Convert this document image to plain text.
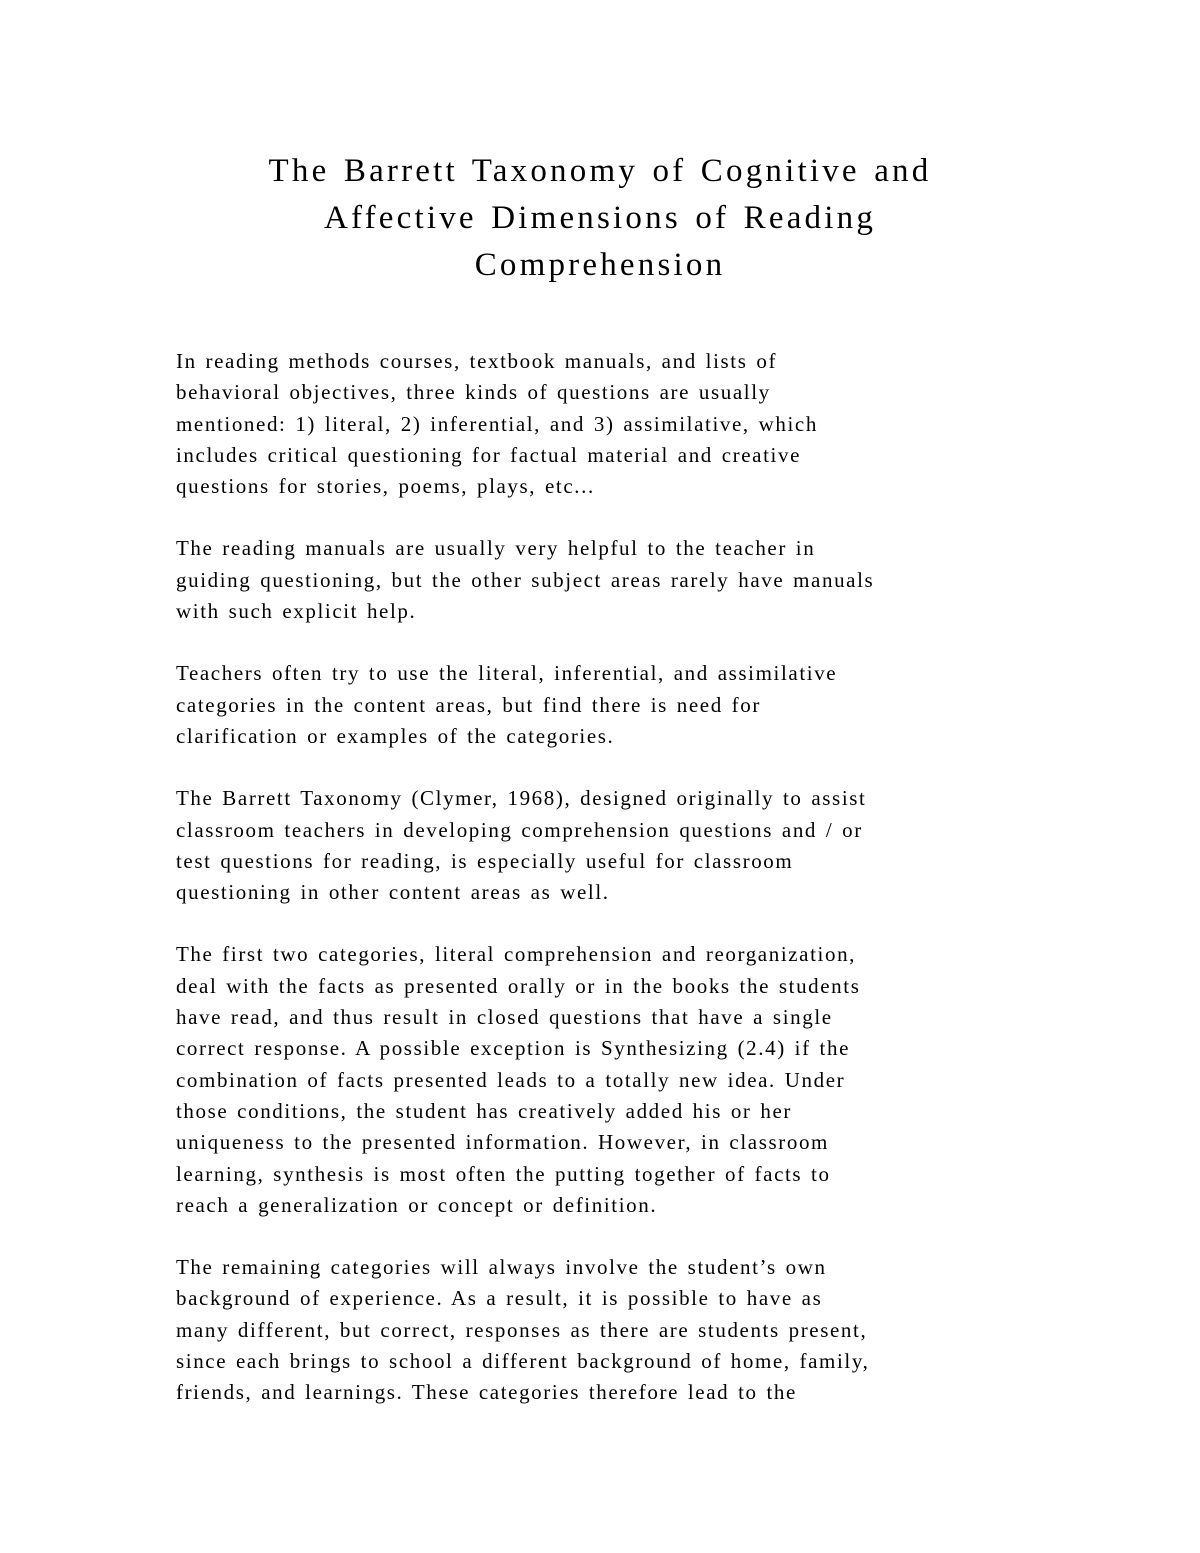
The Barrett Taxonomy of Cognitive and
Affective Dimensions of Reading
Comprehension

In reading methods courses, textbook manuals, and lists of
behavioral objectives, three kinds of questions are usually
mentioned: 1) literal, 2) inferential, and 3) assimilative, which
includes critical questioning for factual material and creative
questions for stories, poems, plays, etc...

The reading manuals are usually very helpful to the teacher in
guiding questioning, but the other subject areas rarely have manuals
with such explicit help.

Teachers often try to use the literal, inferential, and assimilative
categories in the content areas, but find there is need for
clarification or examples of the categories.

The Barrett Taxonomy (Clymer, 1968), designed originally to assist
classroom teachers in developing comprehension questions and / or
test questions for reading, is especially useful for classroom
questioning in other content areas as well.

The first two categories, literal comprehension and reorganization,
deal with the facts as presented orally or in the books the students
have read, and thus result in closed questions that have a single
correct response. A possible exception is Synthesizing (2.4) if the
combination of facts presented leads to a totally new idea. Under
those conditions, the student has creatively added his or her
uniqueness to the presented information. However, in classroom
learning, synthesis is most often the putting together of facts to
reach a generalization or concept or definition.

The remaining categories will always involve the student’s own
background of experience. As a result, it is possible to have as
many different, but correct, responses as there are students present,
since each brings to school a different background of home, family,
friends, and learnings. These categories therefore lead to the
